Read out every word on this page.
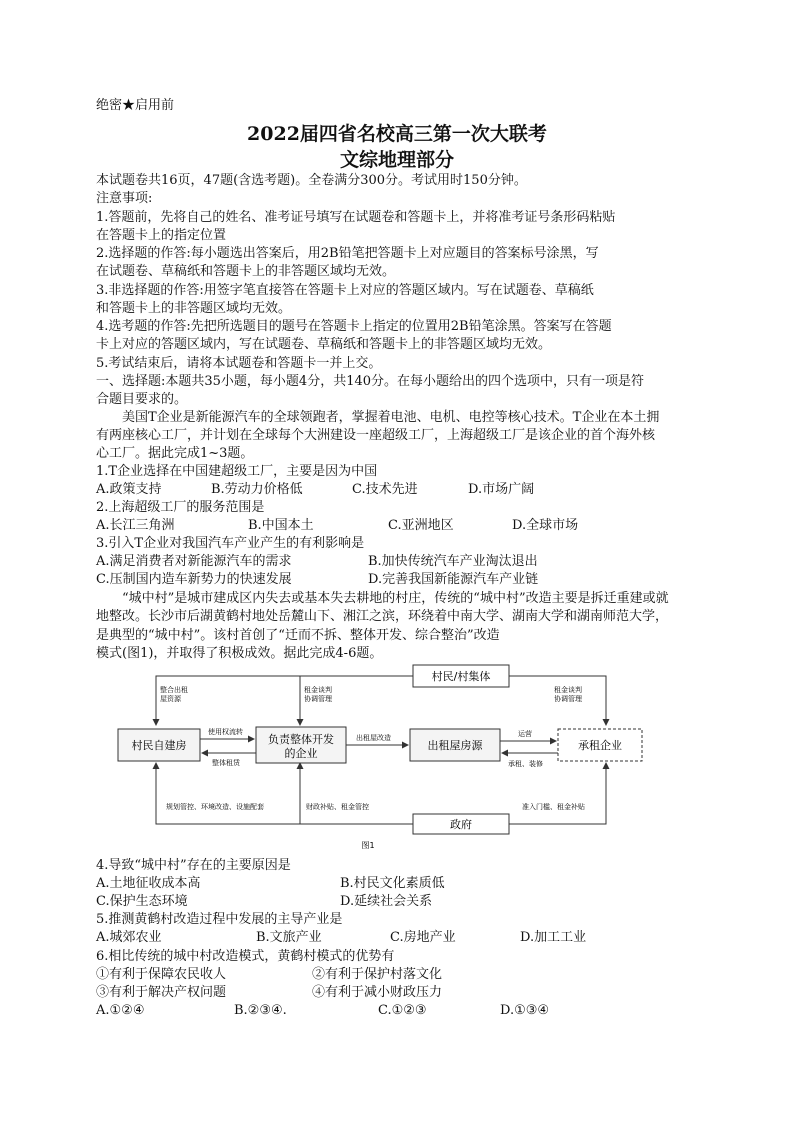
绝密★启用前
2022届四省名校高三第一次大联考
文综地理部分
本试题卷共16页，47题(含选考题)。全卷满分300分。考试用时150分钟。
注意事项:
1.答题前，先将自己的姓名、准考证号填写在试题卷和答题卡上，并将准考证号条形码粘贴
在答题卡上的指定位置
2.选择题的作答:每小题选出答案后，用2B铅笔把答题卡上对应题目的答案标号涂黑，写
在试题卷、草稿纸和答题卡上的非答题区域均无效。
3.非选择题的作答:用签字笔直接答在答题卡上对应的答题区域内。写在试题卷、草稿纸
和答题卡上的非答题区域均无效。
4.选考题的作答:先把所选题目的题号在答题卡上指定的位置用2B铅笔涂黑。答案写在答题
卡上对应的答题区域内，写在试题卷、草稿纸和答题卡上的非答题区域均无效。
5.考试结束后，请将本试题卷和答题卡一并上交。
一、选择题:本题共35小题，每小题4分，共140分。在每小题给出的四个选项中，只有一项是符
合题目要求的。
　　美国T企业是新能源汽车的全球领跑者，掌握着电池、电机、电控等核心技术。T企业在本土拥
有两座核心工厂，并计划在全球每个大洲建设一座超级工厂，上海超级工厂是该企业的首个海外核
心工厂。据此完成1~3题。
1.T企业选择在中国建超级工厂，主要是因为中国
A.政策支持	B.劳动力价格低	C.技术先进	D.市场广阔
2.上海超级工厂的服务范围是
A.长江三角洲	B.中国本土	C.亚洲地区	D.全球市场
3.引入T企业对我国汽车产业产生的有利影响是
A.满足消费者对新能源汽车的需求	B.加快传统汽车产业淘汰退出
C.压制国内造车新势力的快速发展	D.完善我国新能源汽车产业链
　　“城中村”是城市建成区内失去或基本失去耕地的村庄，传统的“城中村”改造主要是拆迁重建或就
地整改。长沙市后湖黄鹤村地处岳麓山下、湘江之滨，环绕着中南大学、湖南大学和湖南师范大学，
是典型的“城中村”。该村首创了“迁而不拆、整体开发、综合整治”改造
模式(图1)，并取得了积极成效。据此完成4-6题。
村民/村集体
政府
村民自建房	负责整体开发
的企业
出租屋房源	承租企业
整合出租
屋资源
租金谈判
协调管理
租金谈判
协调管理
使用权流转
整体租赁
出租屋改造	运营
承租、装修
规划管控、环境改造、设施配套	财政补贴、租金管控	准入门槛、租金补贴
图1
4.导致“城中村”存在的主要原因是
A.土地征收成本高	B.村民文化素质低
C.保护生态环境	D.延续社会关系
5.推测黄鹤村改造过程中发展的主导产业是
A.城郊农业	B.文旅产业	C.房地产业	D.加工工业
6.相比传统的城中村改造模式，黄鹤村模式的优势有
①有利于保障农民收人	②有利于保护村落文化
③有利于解决产权问题	④有利于减小财政压力
A.①②④	B.②③④.	C.①②③	D.①③④
